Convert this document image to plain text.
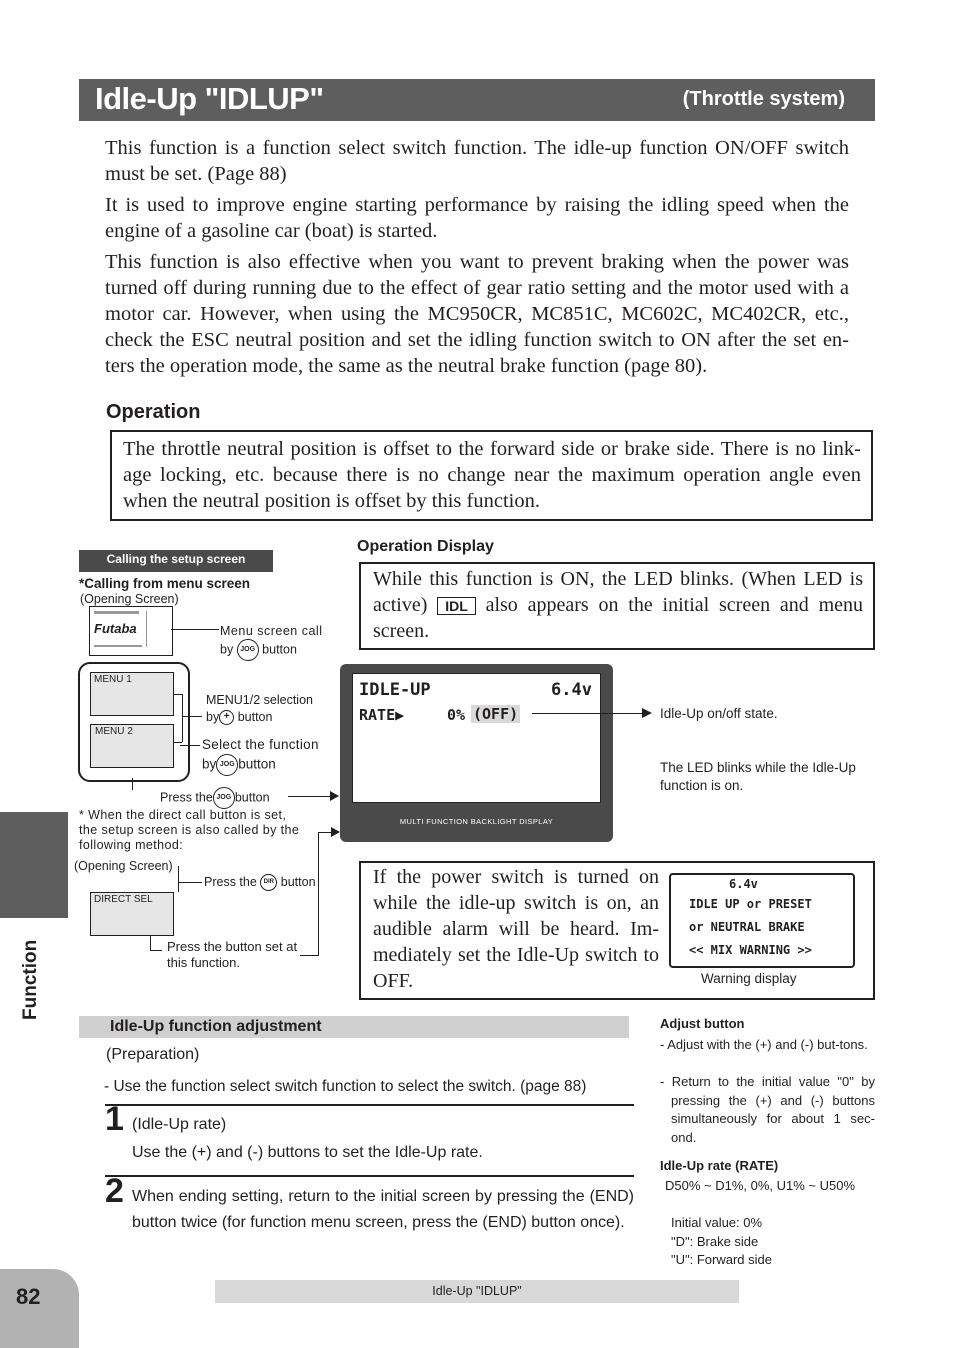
Idle-Up "IDLUP"	(Throttle system)

This function is a function select switch function. The idle-up function ON/OFF switch must be set. (Page 88)

It is used to improve engine starting performance by raising the idling speed when the engine of a gasoline car (boat) is started.

This function is also effective when you want to prevent braking when the power was turned off during running due to the effect of gear ratio setting and the motor used with a motor car. However, when using the MC950CR, MC851C, MC602C, MC402CR, etc., check the ESC neutral position and set the idling function switch to ON after the set en-ters the operation mode, the same as the neutral brake function (page 80).

Operation
The throttle neutral position is offset to the forward side or brake side. There is no link-age locking, etc. because there is no change near the maximum operation angle even when the neutral position is offset by this function.
Calling the setup screen
*Calling from menu screen
(Opening Screen)
Futaba	Menu screen call
by JOG button
MENU 1
MENU 2
MENU1/2 selection
by + button
Select the function
by JOG button
Press the JOG button
* When the direct call button is set, the setup screen is also called by the following method:
(Opening Screen)
Press the DIR button
DIRECT SEL
Press the button set at this function.
Operation Display
While this function is ON, the LED blinks. (When LED is active) IDL also appears on the initial screen and menu screen.
IDLE-UP	6.4v
RATE▶	0% (OFF)
MULTI FUNCTION BACKLIGHT DISPLAY
Idle-Up on/off state.
The LED blinks while the Idle-Up function is on.
If the power switch is turned on while the idle-up switch is on, an audible alarm will be heard. Im-mediately set the Idle-Up switch to OFF.
6.4v
IDLE UP or PRESET
or NEUTRAL BRAKE
<< MIX WARNING >>
Warning display
Function
82
Idle-Up function adjustment
(Preparation)
- Use the function select switch function to select the switch. (page 88)
1 (Idle-Up rate)
Use the (+) and (-) buttons to set the Idle-Up rate.
2 When ending setting, return to the initial screen by pressing the (END) button twice (for function menu screen, press the (END) button once).
Adjust button
- Adjust with the (+) and (-) but-tons.
- Return to the initial value "0" by pressing the (+) and (-) buttons simultaneously for about 1 sec-ond.
Idle-Up rate (RATE)
D50% ~ D1%, 0%, U1% ~ U50%
Initial value: 0%
"D": Brake side
"U": Forward side
Idle-Up "IDLUP"
